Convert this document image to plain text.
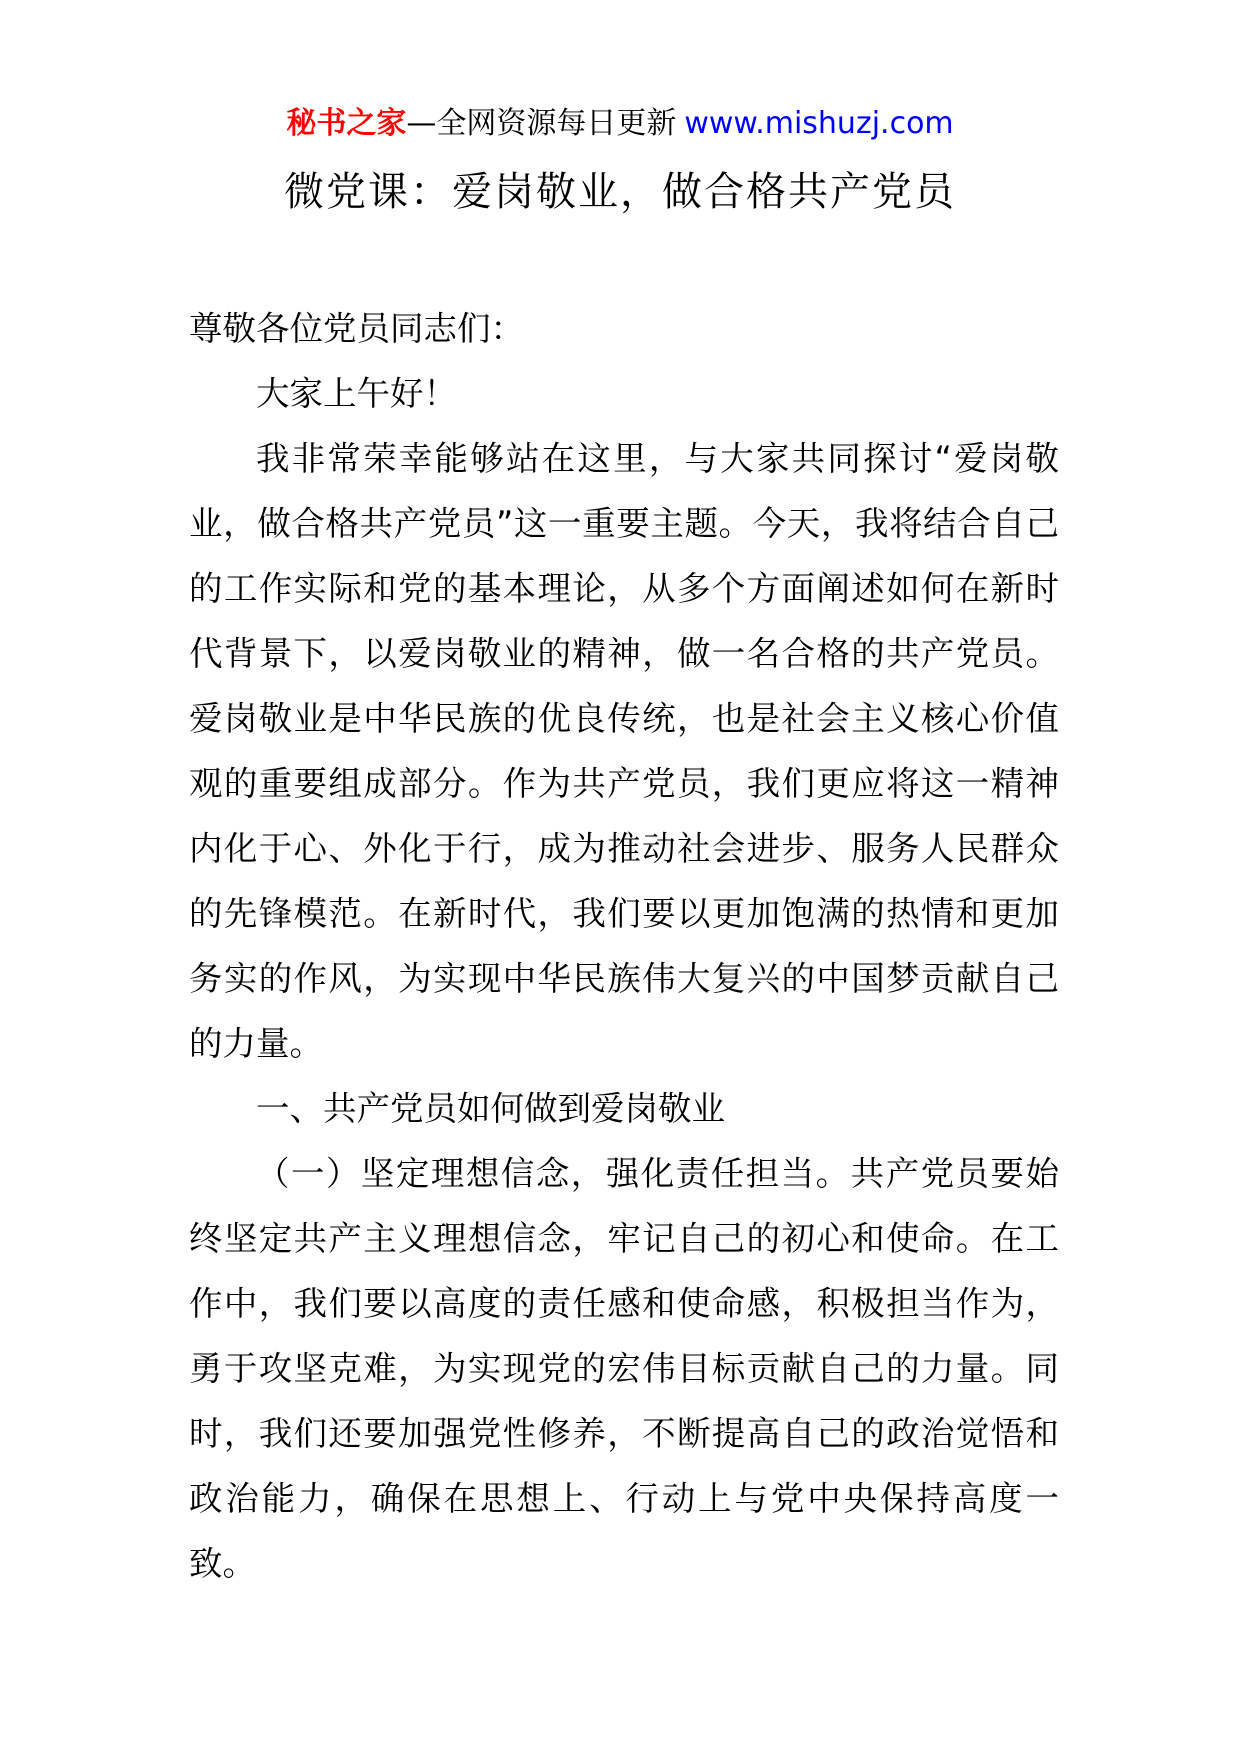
秘书之家—全网资源每日更新 www.mishuzj.com
微党课：爱岗敬业，做合格共产党员

尊敬各位党员同志们：

大家上午好！

我非常荣幸能够站在这里，与大家共同探讨“爱岗敬业，做合格共产党员”这一重要主题。今天，我将结合自己的工作实际和党的基本理论，从多个方面阐述如何在新时代背景下，以爱岗敬业的精神，做一名合格的共产党员。爱岗敬业是中华民族的优良传统，也是社会主义核心价值观的重要组成部分。作为共产党员，我们更应将这一精神内化于心、外化于行，成为推动社会进步、服务人民群众的先锋模范。在新时代，我们要以更加饱满的热情和更加务实的作风，为实现中华民族伟大复兴的中国梦贡献自己的力量。

一、共产党员如何做到爱岗敬业

（一）坚定理想信念，强化责任担当。共产党员要始终坚定共产主义理想信念，牢记自己的初心和使命。在工作中，我们要以高度的责任感和使命感，积极担当作为，勇于攻坚克难，为实现党的宏伟目标贡献自己的力量。同时，我们还要加强党性修养，不断提高自己的政治觉悟和政治能力，确保在思想上、行动上与党中央保持高度一致。
